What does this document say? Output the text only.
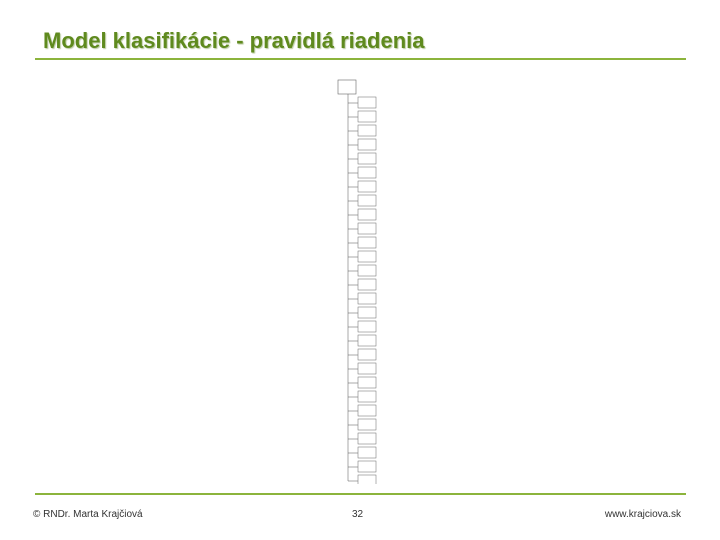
Model klasifikácie - pravidlá riadenia
© RNDr. Marta Krajčiová	32	www.krajciova.sk
